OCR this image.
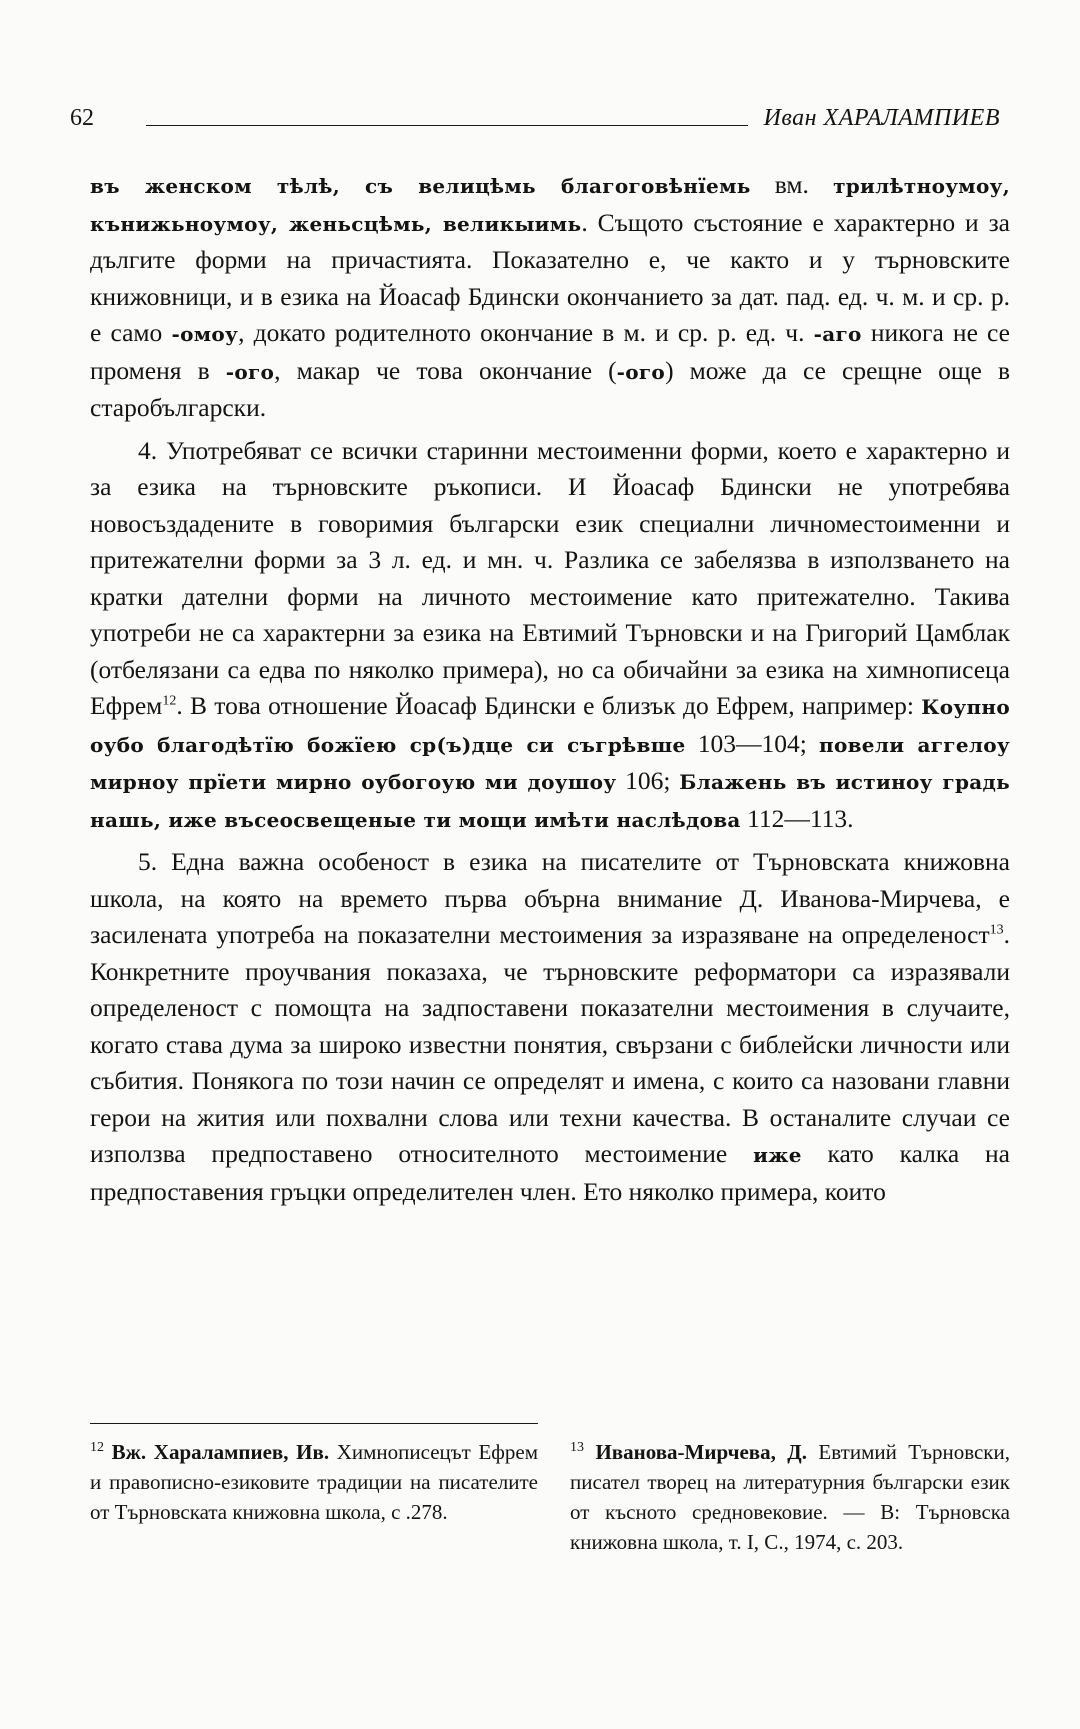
62	Иван ХАРАЛАМПИЕВ

въ женском тѣлѣ, съ велицѣмь благоговѣнїемь вм. трилѣтноумоу, кънижьноумоу, женьсцѣмь, великыимь. Същото състояние е характерно и за дългите форми на причастията. Показателно е, че както и у търновските книжовници, и в езика на Йоасаф Бдински окончанието за дат. пад. ед. ч. м. и ср. р. е само -омоу, докато родителното окончание в м. и ср. р. ед. ч. -аго никога не се променя в -ого, макар че това окончание (-ого) може да се срещне още в старобългарски.

4. Употребяват се всички старинни местоименни форми, което е характерно и за езика на търновските ръкописи. И Йоасаф Бдински не употребява новосъздадените в говоримия български език специални личноместоименни и притежателни форми за 3 л. ед. и мн. ч. Разлика се забелязва в използването на кратки дателни форми на личното местоимение като притежателно. Такива употреби не са характерни за езика на Евтимий Търновски и на Григорий Цамблак (отбелязани са едва по няколко примера), но са обичайни за езика на химнописеца Ефрем$^{12}$. В това отношение Йоасаф Бдински е близък до Ефрем, например: Коупно оубо благодѣтїю божїею ср(ъ)дце си съгрѣвше 103—104; повели аггелоу мирноу прїети мирно оубогоую ми доушоу 106; Блажень въ истиноу градь нашь, иже въсеосвещеные ти мощи имѣти наслѣдова 112—113.

5. Една важна особеност в езика на писателите от Търновската книжовна школа, на която на времето първа обърна внимание Д. Иванова-Мирчева, е засилената употреба на показателни местоимения за изразяване на определеност$^{13}$. Конкретните проучвания показаха, че търновските реформатори са изразявали определеност с помощта на задпоставени показателни местоимения в случаите, когато става дума за широко известни понятия, свързани с библейски личности или събития. Понякога по този начин се определят и имена, с които са назовани главни герои на жития или похвални слова или техни качества. В останалите случаи се използва предпоставено относителното местоимение иже като калка на предпоставения гръцки определителен член. Ето няколко примера, които

$^{12}$ Вж. Харалампиев, Ив. Химнописецът Ефрем и правописно-езиковите традиции на писателите от Търновската книжовна школа, с .278.
$^{13}$ Иванова-Мирчева, Д. Евтимий Търновски, писател творец на литературния български език от късното средновековие. — В: Търновска книжовна школа, т. I, С., 1974, с. 203.
